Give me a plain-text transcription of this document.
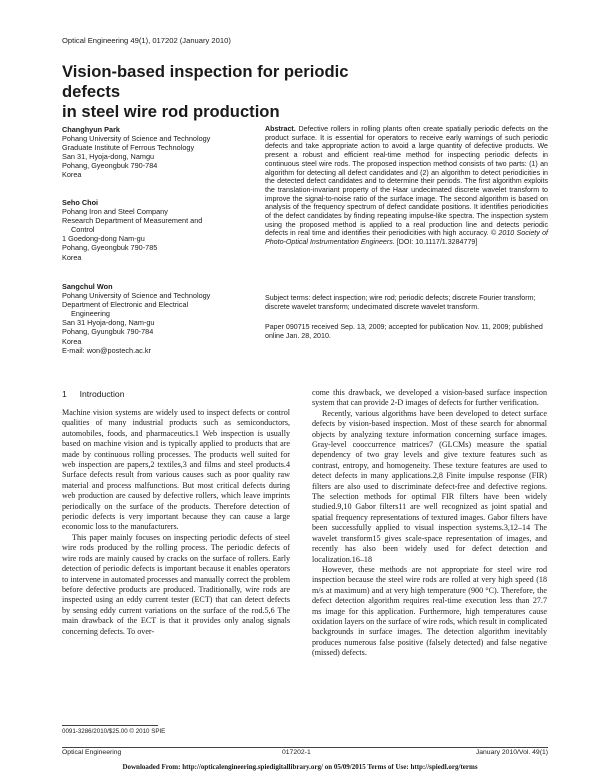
Optical Engineering 49(1), 017202 (January 2010)
Vision-based inspection for periodic defects
in steel wire rod production
Changhyun Park
Pohang University of Science and Technology
Graduate Institute of Ferrous Technology
San 31, Hyoja-dong, Namgu
Pohang, Gyeongbuk 790-784
Korea
Seho Choi
Pohang Iron and Steel Company
Research Department of Measurement and
Control
1 Goedong-dong Nam-gu
Pohang, Gyeongbuk 790-785
Korea
Sangchul Won
Pohang University of Science and Technology
Department of Electronic and Electrical
Engineering
San 31 Hyoja-dong, Nam-gu
Pohang, Gyungbuk 790-784
Korea
E-mail: won@postech.ac.kr
Abstract. Defective rollers in rolling plants often create spatially periodic defects on the product surface. It is essential for operators to receive early warnings of such periodic defects and take appropriate action to avoid a large quantity of defective products. We present a robust and efficient real-time method for inspecting periodic defects in continuous steel wire rods. The proposed inspection method consists of two parts: (1) an algorithm for detecting all defect candidates and (2) an algorithm to detect periodicities in the detected defect candidates and to determine their periods. The first algorithm exploits the translation-invariant property of the Haar undecimated discrete wavelet transform to improve the signal-to-noise ratio of the surface image. The second algorithm is based on analysis of the frequency spectrum of defect candidate positions. It identifies periodicities of the defect candidates by finding repeating impulse-like spectra. The inspection system using the proposed method is applied to a real production line and detects periodic defects in real time and identifies their periodicities with high accuracy. © 2010 Society of Photo-Optical Instrumentation Engineers. [DOI: 10.1117/1.3284779]
Subject terms: defect inspection; wire rod; periodic defects; discrete Fourier transform; discrete wavelet transform; undecimated discrete wavelet transform.
Paper 090715 received Sep. 13, 2009; accepted for publication Nov. 11, 2009; published online Jan. 28, 2010.
1 Introduction

Machine vision systems are widely used to inspect defects or control qualities of many industrial products such as semiconductors, automobiles, foods, and pharmaceutics.1 Web inspection is usually based on machine vision and is typically applied to products that are made by continuous rolling processes. The products well suited for web inspection are papers,2 textiles,3 and films and steel products.4 Surface defects result from various causes such as poor quality raw material and process malfunctions. But most critical defects during web production are caused by defective rollers, which leave imprints periodically on the surface of the products. Therefore detection of periodic defects is very important because they can cause a large economic loss to the manufacturers.

This paper mainly focuses on inspecting periodic defects of steel wire rods produced by the rolling process. The periodic defects of wire rods are mainly caused by cracks on the surface of rollers. Early detection of periodic defects is important because it enables operators to intervene in automated processes and manually correct the problem before defective products are produced. Traditionally, wire rods are inspected using an eddy current tester (ECT) that can detect defects by sensing eddy current variations on the surface of the rod.5,6 The main drawback of the ECT is that it provides only analog signals concerning defects. To over-

come this drawback, we developed a vision-based surface inspection system that can provide 2-D images of defects for further verification.

Recently, various algorithms have been developed to detect surface defects by vision-based inspection. Most of these search for abnormal objects by analyzing texture information concerning surface images. Gray-level cooccurrence matrices7 (GLCMs) measure the spatial dependency of two gray levels and give texture features such as contrast, entropy, and homogeneity. These texture features are used to detect defects in many applications.2,8 Finite impulse response (FIR) filters are also used to discriminate defect-free and defective regions. The selection methods for optimal FIR filters have been widely studied.9,10 Gabor filters11 are well recognized as joint spatial and spatial frequency representations of textured images. Gabor filters have been successfully applied to visual inspection systems.3,12–14 The wavelet transform15 gives scale-space representation of images, and recently has also been widely used for defect detection and localization.16–18

However, these methods are not appropriate for steel wire rod inspection because the steel wire rods are rolled at very high speed (18 m/s at maximum) and at very high temperature (900 °C). Therefore, the defect detection algorithm requires real-time execution less than 27.7 ms image for this application. Furthermore, high temperatures cause oxidation layers on the surface of wire rods, which result in complicated backgrounds in surface images. The detection algorithm inevitably produces numerous false positive (falsely detected) and false negative (missed) defects.

0091-3286/2010/$25.00 © 2010 SPIE
Optical Engineering	017202-1	January 2010/Vol. 49(1)
Downloaded From: http://opticalengineering.spiedigitallibrary.org/ on 05/09/2015 Terms of Use: http://spiedl.org/terms
